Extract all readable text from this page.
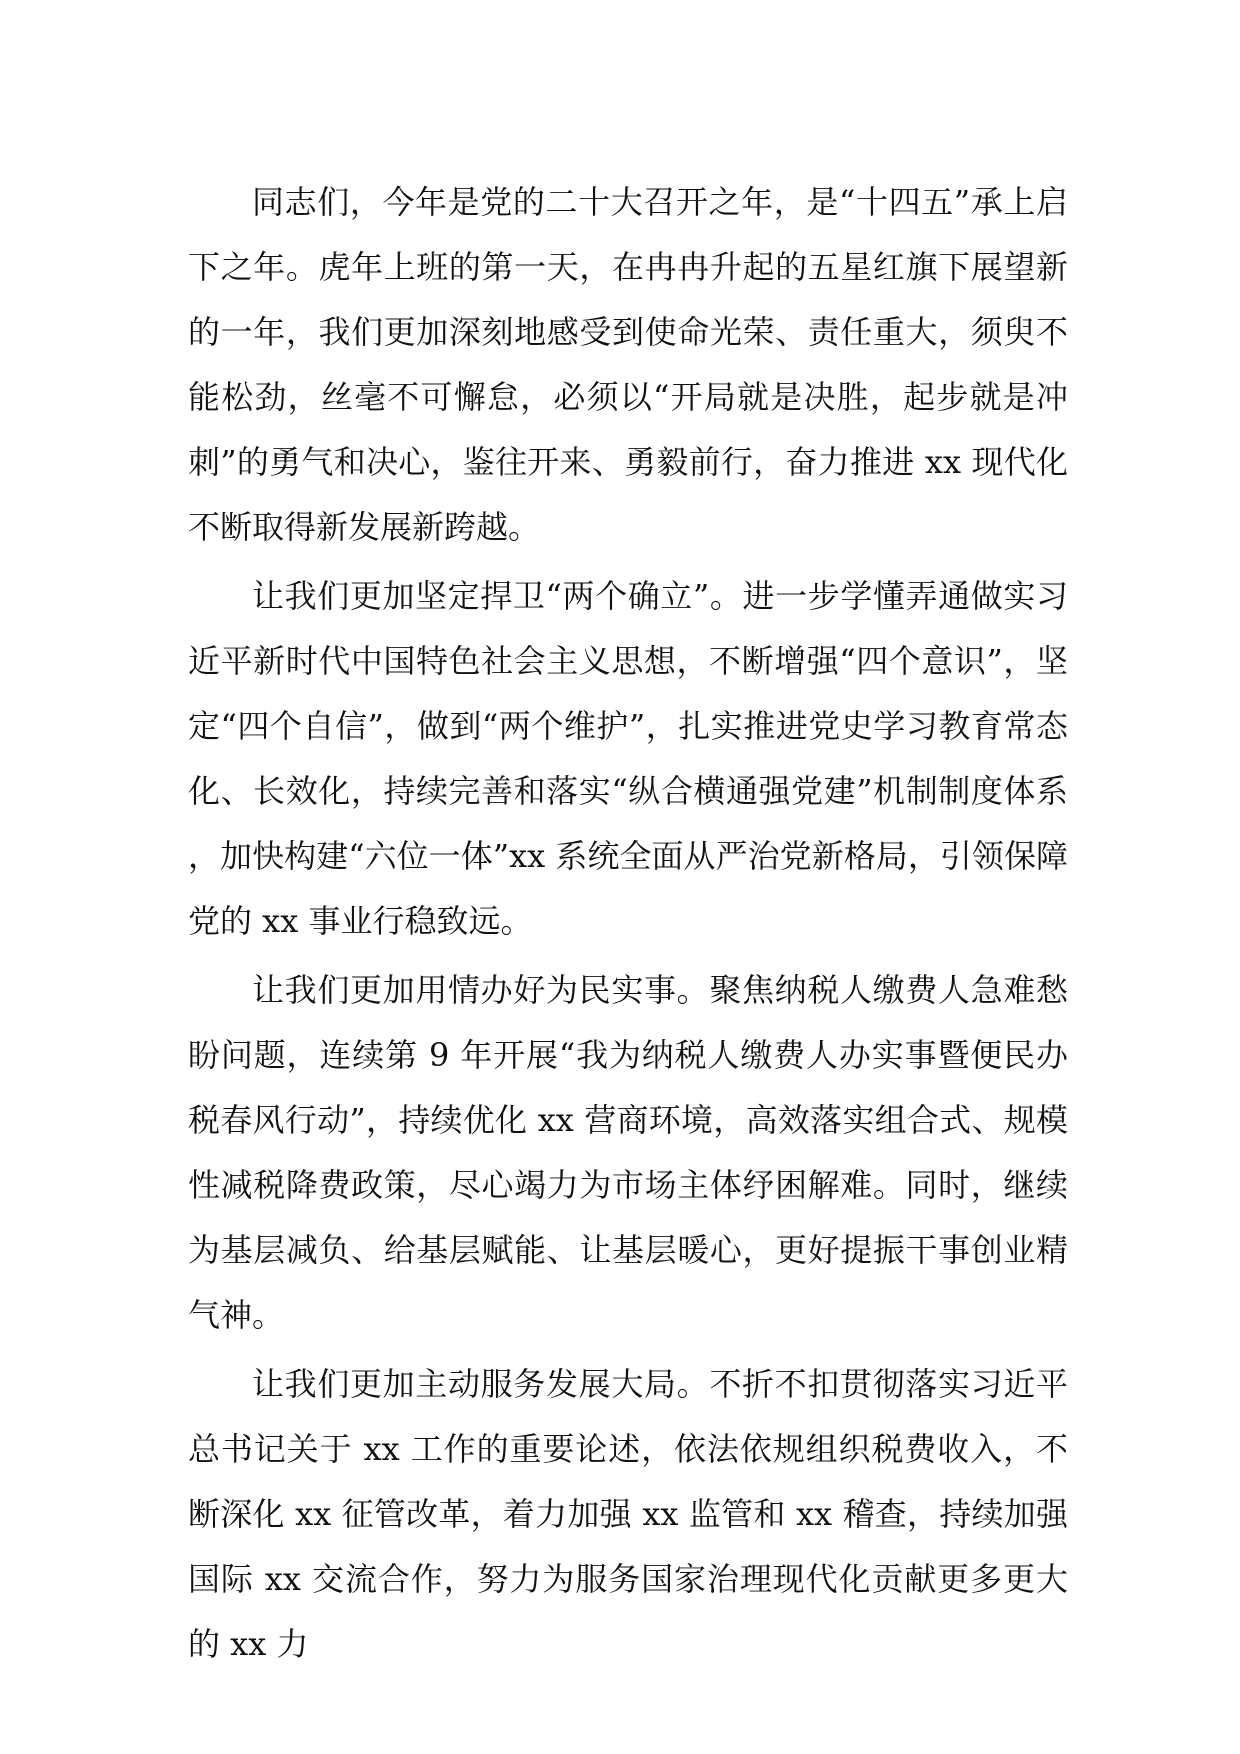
同志们，今年是党的二十大召开之年，是“十四五”承上启下之年。虎年上班的第一天，在冉冉升起的五星红旗下展望新的一年，我们更加深刻地感受到使命光荣、责任重大，须臾不能松劲，丝毫不可懈怠，必须以“开局就是决胜，起步就是冲刺”的勇气和决心，鉴往开来、勇毅前行，奋力推进 xx 现代化不断取得新发展新跨越。

让我们更加坚定捍卫“两个确立”。进一步学懂弄通做实习近平新时代中国特色社会主义思想，不断增强“四个意识”，坚定“四个自信”，做到“两个维护”，扎实推进党史学习教育常态化、长效化，持续完善和落实“纵合横通强党建”机制制度体系，加快构建“六位一体”xx 系统全面从严治党新格局，引领保障党的 xx 事业行稳致远。

让我们更加用情办好为民实事。聚焦纳税人缴费人急难愁盼问题，连续第 9 年开展“我为纳税人缴费人办实事暨便民办税春风行动”，持续优化 xx 营商环境，高效落实组合式、规模性减税降费政策，尽心竭力为市场主体纾困解难。同时，继续为基层减负、给基层赋能、让基层暖心，更好提振干事创业精气神。

让我们更加主动服务发展大局。不折不扣贯彻落实习近平总书记关于 xx 工作的重要论述，依法依规组织税费收入，不断深化 xx 征管改革，着力加强 xx 监管和 xx 稽查，持续加强国际 xx 交流合作，努力为服务国家治理现代化贡献更多更大的 xx 力
